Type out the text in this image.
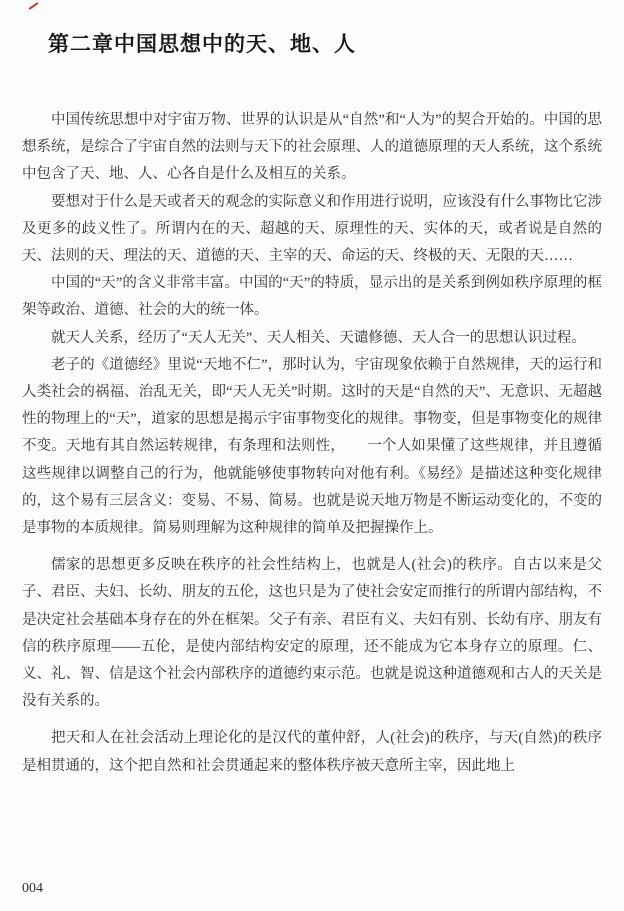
第二章中国思想中的天、地、人

中国传统思想中对宇宙万物、世界的认识是从“自然”和“人为”的契合开始的。中国的思想系统，是综合了宇宙自然的法则与天下的社会原理、人的道德原理的天人系统，这个系统中包含了天、地、人、心各自是什么及相互的关系。

要想对于什么是天或者天的观念的实际意义和作用进行说明，应该没有什么事物比它涉及更多的歧义性了。所谓内在的天、超越的天、原理性的天、实体的天，或者说是自然的天、法则的天、理法的天、道德的天、主宰的天、命运的天、终极的天、无限的天……

中国的“天”的含义非常丰富。中国的“天”的特质，显示出的是关系到例如秩序原理的框架等政治、道德、社会的大的统一体。

就天人关系，经历了“天人无关”、天人相关、天谴修德、天人合一的思想认识过程。

老子的《道德经》里说“天地不仁”，那时认为，宇宙现象依赖于自然规律，天的运行和人类社会的祸福、治乱无关，即“天人无关”时期。这时的天是“自然的天”、无意识、无超越性的物理上的“天”，道家的思想是揭示宇宙事物变化的规律。事物变，但是事物变化的规律不变。天地有其自然运转规律，有条理和法则性，　　一个人如果懂了这些规律，并且遵循这些规律以调整自己的行为，他就能够使事物转向对他有利。《易经》是描述这种变化规律的，这个易有三层含义：变易、不易、简易。也就是说天地万物是不断运动变化的，不变的是事物的本质规律。简易则理解为这种规律的简单及把握操作上。

儒家的思想更多反映在秩序的社会性结构上，也就是人(社会)的秩序。自古以来是父子、君臣、夫妇、长幼、朋友的五伦，这也只是为了使社会安定而推行的所谓内部结构，不是决定社会基础本身存在的外在框架。父子有亲、君臣有义、夫妇有别、长幼有序、朋友有信的秩序原理——五伦，是使内部结构安定的原理，还不能成为它本身存立的原理。仁、义、礼、智、信是这个社会内部秩序的道德约束示范。也就是说这种道德观和古人的天关是没有关系的。

把天和人在社会活动上理论化的是汉代的董仲舒，人(社会)的秩序，与天(自然)的秩序是相贯通的，这个把自然和社会贯通起来的整体秩序被天意所主宰，因此地上

004
